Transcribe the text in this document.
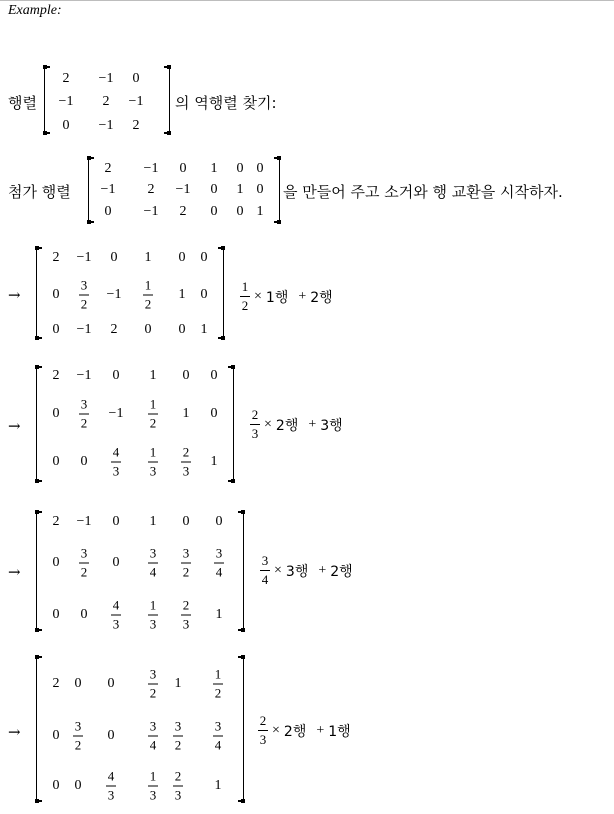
Example:
행렬
2 −1 0
−1 2 −1
0 −1 2
의 역행렬 찾기:
첨가 행렬
2 −1 0 1 0 0
−1 2 −1 0 1 0
0 −1 2 0 0 1
을 만들어 주고 소거와 행 교환을 시작하자.
→
2 −1 0 1 0 0
0
3
2
−1
1
2
1 0
0 −1 2 0 0 1
$\frac{1}{2} \times 1$행 + 2행
→
2 −1 0 1 0 0
0
3
2
−1
1
2
1 0
0 0
4
3
1
3
2
3
1
$\frac{2}{3} \times 2$행 + 3행
→
2 −1 0 1 0 0
0
3
2
0
3
4
3
2
3
4
0 0
4
3
1
3
2
3
1
$\frac{3}{4} \times 3$행 + 2행
→
2 0 0
3
2
1
1
2
0
3
2
0
3
4
3
2
3
4
0 0
4
3
1
3
2
3
1
$\frac{2}{3} \times 2$행 + 1행
